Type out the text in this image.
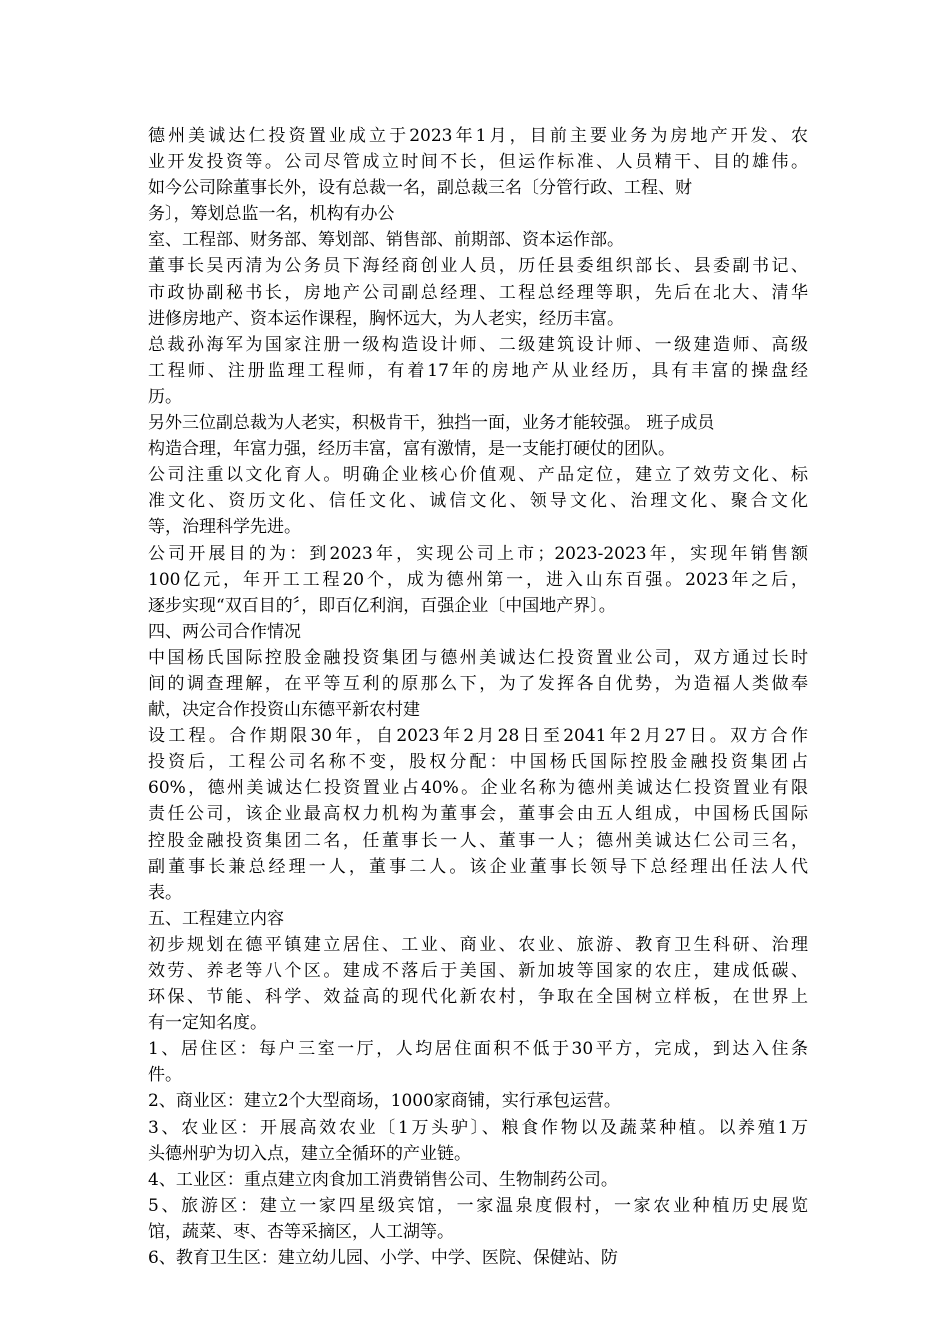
德州美诚达仁投资置业成立于2023年1月，目前主要业务为房地产开发、农
业开发投资等。公司尽管成立时间不长，但运作标准、人员精干、目的雄伟。
如今公司除董事长外，设有总裁一名，副总裁三名〔分管行政、工程、财
务〕，筹划总监一名，机构有办公
室、工程部、财务部、筹划部、销售部、前期部、资本运作部。
董事长吴丙清为公务员下海经商创业人员，历任县委组织部长、县委副书记、
市政协副秘书长，房地产公司副总经理、工程总经理等职，先后在北大、清华
进修房地产、资本运作课程，胸怀远大，为人老实，经历丰富。
总裁孙海军为国家注册一级构造设计师、二级建筑设计师、一级建造师、高级
工程师、注册监理工程师，有着17年的房地产从业经历，具有丰富的操盘经
历。
另外三位副总裁为人老实，积极肯干，独挡一面，业务才能较强。 班子成员
构造合理，年富力强，经历丰富，富有激情，是一支能打硬仗的团队。
公司注重以文化育人。明确企业核心价值观、产品定位，建立了效劳文化、标
准文化、资历文化、信任文化、诚信文化、领导文化、治理文化、聚合文化
等，治理科学先进。
公司开展目的为：到2023年，实现公司上市；2023-2023年，实现年销售额
100亿元，年开工工程20个，成为德州第一，进入山东百强。2023年之后，
逐步实现“双百目的〞，即百亿利润，百强企业〔中国地产界〕。
四、两公司合作情况
中国杨氏国际控股金融投资集团与德州美诚达仁投资置业公司，双方通过长时
间的调查理解，在平等互利的原那么下，为了发挥各自优势，为造福人类做奉
献，决定合作投资山东德平新农村建
设工程。合作期限30年，自2023年2月28日至2041年2月27日。双方合作
投资后，工程公司名称不变，股权分配：中国杨氏国际控股金融投资集团占
60%，德州美诚达仁投资置业占40%。企业名称为德州美诚达仁投资置业有限
责任公司，该企业最高权力机构为董事会，董事会由五人组成，中国杨氏国际
控股金融投资集团二名，任董事长一人、董事一人；德州美诚达仁公司三名，
副董事长兼总经理一人，董事二人。该企业董事长领导下总经理出任法人代
表。
五、工程建立内容
初步规划在德平镇建立居住、工业、商业、农业、旅游、教育卫生科研、治理
效劳、养老等八个区。建成不落后于美国、新加坡等国家的农庄，建成低碳、
环保、节能、科学、效益高的现代化新农村，争取在全国树立样板，在世界上
有一定知名度。
1、居住区：每户三室一厅，人均居住面积不低于30平方，完成，到达入住条
件。
2、商业区：建立2个大型商场，1000家商铺，实行承包运营。
3、农业区：开展高效农业〔1万头驴〕、粮食作物以及蔬菜种植。以养殖1万
头德州驴为切入点，建立全循环的产业链。
4、工业区：重点建立肉食加工消费销售公司、生物制药公司。
5、旅游区：建立一家四星级宾馆，一家温泉度假村，一家农业种植历史展览
馆，蔬菜、枣、杏等采摘区，人工湖等。
6、教育卫生区：建立幼儿园、小学、中学、医院、保健站、防
